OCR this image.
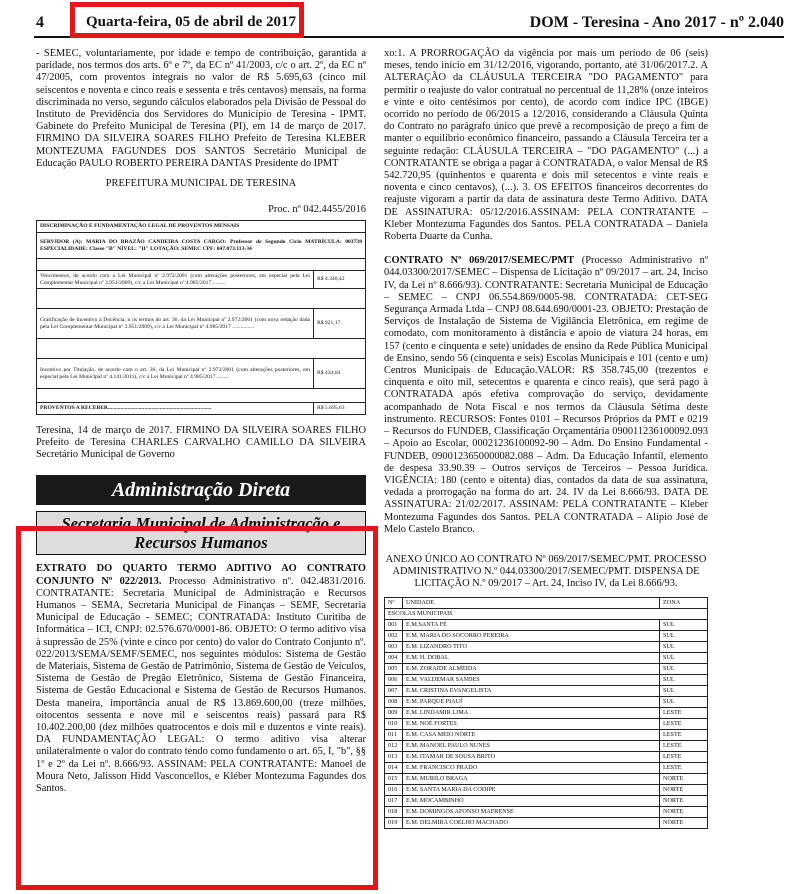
4	Quarta-feira, 05 de abril de 2017	DOM - Teresina - Ano 2017 - nº 2.040

- SEMEC, voluntariamente, por idade e tempo de contribuição, garantida a paridade, nos termos dos arts. 6º e 7º, da EC nº 41/2003, c/c o art. 2º, da EC nº 47/2005, com proventos integrais no valor de R$ 5.695,63 (cinco mil seiscentos e noventa e cinco reais e sessenta e três centavos) mensais, na forma discriminada no verso, segundo cálculos elaborados pela Divisão de Pessoal do Instituto de Previdência dos Servidores do Município de Teresina - IPMT. Gabinete do Prefeito Municipal de Teresina (PI), em 14 de março de 2017. FIRMINO DA SILVEIRA SOARES FILHO Prefeito de Teresina KLEBER MONTEZUMA FAGUNDES DOS SANTOS Secretário Municipal de Educação PAULO ROBERTO PEREIRA DANTAS Presidente do IPMT

PREFEITURA MUNICIPAL DE TERESINA

Proc. nº 042.4455/2016

DISCRIMINAÇÃO E FUNDAMENTAÇÃO LEGAL DE PROVENTOS MENSAIS	
SERVIDOR (A): MARIA DO BRAZÃO CANDEIRA COSTA CARGO: Professor de Segundo Ciclo MATRÍCULA: 003738 ESPECIALIDADE: Classe "B" NÍVEL: "II" LOTAÇÃO: SEMEC CPF: 047.073.113-34	

Vencimentos, de acordo com a Lei Municipal nº 2.972/2001 (com alterações posteriores, em especial pela Lei Complementar Municipal nº 3.951/2009), c/c a Lei Municipal nº 4.985/2017 .........	R$ 4.340,42

Gratificação de Incentivo à Docência, n os termos do art. 36, da Lei Municipal nº 2.972/2001 (com nova redação dada pela Lei Complementar Municipal nº 3.951/2009), c/c a Lei Municipal nº 4.985/2017 ................	R$ 921,17

Incentivo por Titulação, de acordo com o art. 36, da Lei Municipal nº 2.972/2001 (com alterações posteriores, em especial pela Lei Municipal nº 4.141/2011), c/c a Lei Municipal nº 4.985/2017 .........	R$ 434,04

PROVENTOS A RECEBER..........................................................................	R$ 5.695,63

Teresina, 14 de março de 2017. FIRMINO DA SILVEIRA SOARES FILHO Prefeito de Teresina CHARLES CARVALHO CAMILLO DA SILVEIRA Secretário Municipal de Governo

Administração Direta
Secretaria Municipal de Administração e Recursos Humanos

EXTRATO DO QUARTO TERMO ADITIVO AO CONTRATO CONJUNTO Nº 022/2013. Processo Administrativo nº. 042.4831/2016. CONTRATANTE: Secretaria Municipal de Administração e Recursos Humanos – SEMA, Secretaria Municipal de Finanças – SEMF, Secretaria Municipal de Educação - SEMEC; CONTRATADA: Instituto Curitiba de Informática – ICI, CNPJ: 02.576.670/0001-86. OBJETO: O termo aditivo visa à supressão de 25% (vinte e cinco por cento) do valor do Contrato Conjunto nº. 022/2013/SEMA/SEMF/SEMEC, nos seguintes módulos: Sistema de Gestão de Materiais, Sistema de Gestão de Patrimônio, Sistema de Gestão de Veículos, Sistema de Gestão de Pregão Eletrônico, Sistema de Gestão Financeira, Sistema de Gestão Educacional e Sistema de Gestão de Recursos Humanos. Desta maneira, importância anual de R$ 13.869.600,00 (treze milhões, oitocentos sessenta e nove mil e seiscentos reais) passará para R$ 10.402.200,00 (dez milhões quatrocentos e dois mil e duzentos e vinte reais). DA FUNDAMENTAÇÃO LEGAL: O termo aditivo visa alterar unilateralmente o valor do contrato tendo como fundamento o art. 65, I, "b", §§ 1º e 2º da Lei nº. 8.666/93. ASSINAM: PELA CONTRATANTE: Manoel de Moura Neto, Jalisson Hidd Vasconcellos, e Kléber Montezuma Fagundes dos Santos.

xo:1. A PRORROGAÇÃO da vigência por mais um período de 06 (seis) meses, tendo início em 31/12/2016, vigorando, portanto, até 31/06/2017.2. A ALTERAÇÃO da CLÁUSULA TERCEIRA "DO PAGAMENTO" para permitir o reajuste do valor contratual no percentual de 11,28% (onze inteiros e vinte e oito centésimos por cento), de acordo com índice IPC (IBGE) ocorrido no período de 06/2015 a 12/2016, considerando a Cláusula Quinta do Contrato no parágrafo único que prevê a recomposição de preço a fim de manter o equilíbrio econômico financeiro, passando a Cláusula Terceira ter a seguinte redação: CLÁUSULA TERCEIRA – "DO PAGAMENTO" (...) a CONTRATANTE se obriga a pagar à CONTRATADA, o valor Mensal de R$ 542.720,95 (quinhentos e quarenta e dois mil setecentos e vinte reais e noventa e cinco centavos), (...). 3. OS EFEITOS financeiros decorrentes do reajuste vigoram a partir da data de assinatura deste Termo Aditivo. DATA DE ASSINATURA: 05/12/2016.ASSINAM: PELA CONTRATANTE – Kleber Montezuma Fagundes dos Santos. PELA CONTRATADA – Daniela Roberta Duarte da Cunha.

CONTRATO Nº 069/2017/SEMEC/PMT (Processo Administrativo nº 044.03300/2017/SEMEC – Dispensa de Licitação nº 09/2017 – art. 24, Inciso IV, da Lei nº 8.666/93). CONTRATANTE: Secretaria Municipal de Educação – SEMEC – CNPJ 06.554.869/0005-98. CONTRATADA: CET-SEG Segurança Armada Ltda – CNPJ 08.644.690/0001-23. OBJETO: Prestação de Serviços de Instalação de Sistema de Vigilância Eletrônica, em regime de comodato, com monitoramento à distância e apoio de viatura 24 horas, em 157 (cento e cinquenta e sete) unidades de ensino da Rede Pública Municipal de Ensino, sendo 56 (cinquenta e seis) Escolas Municipais e 101 (cento e um) Centros Municipais de Educação.VALOR: R$ 358.745,00 (trezentos e cinquenta e oito mil, setecentos e quarenta e cinco reais), que será pago à CONTRATADA após efetiva comprovação do serviço, devidamente acompanhado de Nota Fiscal e nos termos da Cláusula Sétima deste instrumento. RECURSOS: Fontes 0101 – Recursos Próprios da PMT e 0219 – Recursos do FUNDEB, Classificação Orçamentária 090011236100092.093 – Apoio ao Escolar, 00021236100092-90 – Adm. Do Ensino Fundamental - FUNDEB, 0900123650000082.088 – Adm. Da Educação Infantil, elemento de despesa 33.90.39 – Outros serviços de Terceiros – Pessoa Jurídica. VIGÊNCIA: 180 (cento e oitenta) dias, contados da data de sua assinatura, vedada a prorrogação na forma do art. 24. IV da Lei 8.666/93. DATA DE ASSINATURA: 21/02/2017. ASSINAM: PELA CONTRATANTE – Kleber Montezuma Fagundes dos Santos. PELA CONTRATADA – Alípio José de Melo Castelo Branco.

ANEXO ÚNICO AO CONTRATO Nº 069/2017/SEMEC/PMT. PROCESSO ADMINISTRATIVO N.º 044.03300/2017/SEMEC/PMT. DISPENSA DE LICITAÇÃO N.º 09/2017 – Art. 24, Inciso IV, da Lei 8.666/93.

Nº	UNIDADE	ZONA
ESCOLAS MUNICIPAIS		
001	E.M.SANTA FÉ	SUL
002	E.M. MARIA DO SOCORRO PEREIRA	SUL
003	E.M. LIZANDRO TITO	SUL
004	E.M. H. DOBAL	SUL
005	E.M. ZORAIDE ALMEIDA	SUL
006	E.M. VALDEMAR SANDES	SUL
007	E.M. CRISTINA EVANGELISTA	SUL
008	E.M. PARQUE PIAUÍ	SUL
009	E.M. LINDAMIR LIMA	LESTE
010	E.M. NOÉ FORTES	LESTE
011	E.M. CASA MEIO NORTE	LESTE
012	E.M. MANOEL PAULO NUNES	LESTE
013	E.M. ITAMAR DE SOUSA BRITO	LESTE
014	E.M. FRANCISCO PRADO	LESTE
015	E.M. MURILO BRAGA	NORTE
016	E.M. SANTA MARIA DA CODIPE	NORTE
017	E.M. MOCAMBINHO	NORTE
018	E.M. DOMINGOS AFONSO MAFRENSE	NORTE
019	E.M. DELMIRA COELHO MACHADO	NORTE
